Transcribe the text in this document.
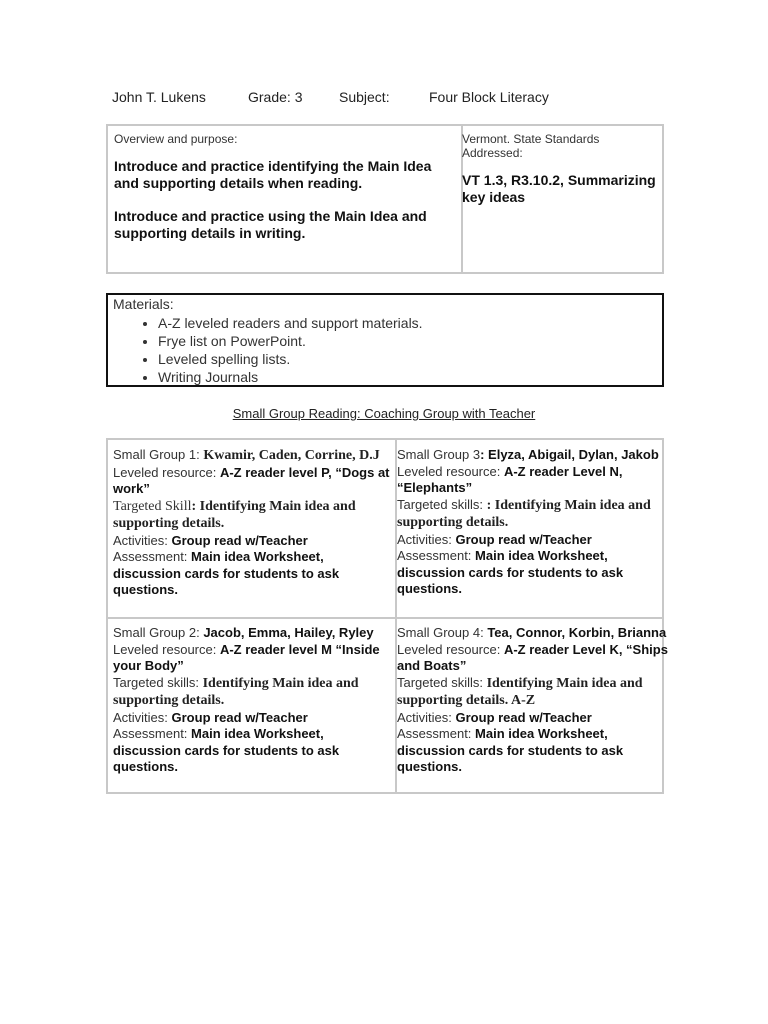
John T. Lukens	Grade: 3	Subject:	Four Block Literacy
Overview and purpose:
Introduce and practice identifying the Main Idea and supporting details when reading.
Introduce and practice using the Main Idea and supporting details in writing.
Vermont. State Standards Addressed:
VT 1.3, R3.10.2, Summarizing key ideas
Materials:
• A-Z leveled readers and support materials.
• Frye list on PowerPoint.
• Leveled spelling lists.
• Writing Journals
Small Group Reading: Coaching Group with Teacher
Small Group 1: Kwamir, Caden, Corrine, D.J
Leveled resource: A-Z reader level P, “Dogs at work”
Targeted Skill: Identifying Main idea and supporting details.
Activities: Group read w/Teacher
Assessment: Main idea Worksheet, discussion cards for students to ask questions.
Small Group 3: Elyza, Abigail, Dylan, Jakob
Leveled resource: A-Z reader Level N, “Elephants”
Targeted skills: : Identifying Main idea and supporting details.
Activities: Group read w/Teacher
Assessment: Main idea Worksheet, discussion cards for students to ask questions.
Small Group 2: Jacob, Emma, Hailey, Ryley
Leveled resource: A-Z reader level M “Inside your Body”
Targeted skills: Identifying Main idea and supporting details.
Activities: Group read w/Teacher
Assessment: Main idea Worksheet, discussion cards for students to ask questions.
Small Group 4: Tea, Connor, Korbin, Brianna
Leveled resource: A-Z reader Level K, “Ships and Boats”
Targeted skills: Identifying Main idea and supporting details. A-Z
Activities: Group read w/Teacher
Assessment: Main idea Worksheet, discussion cards for students to ask questions.
